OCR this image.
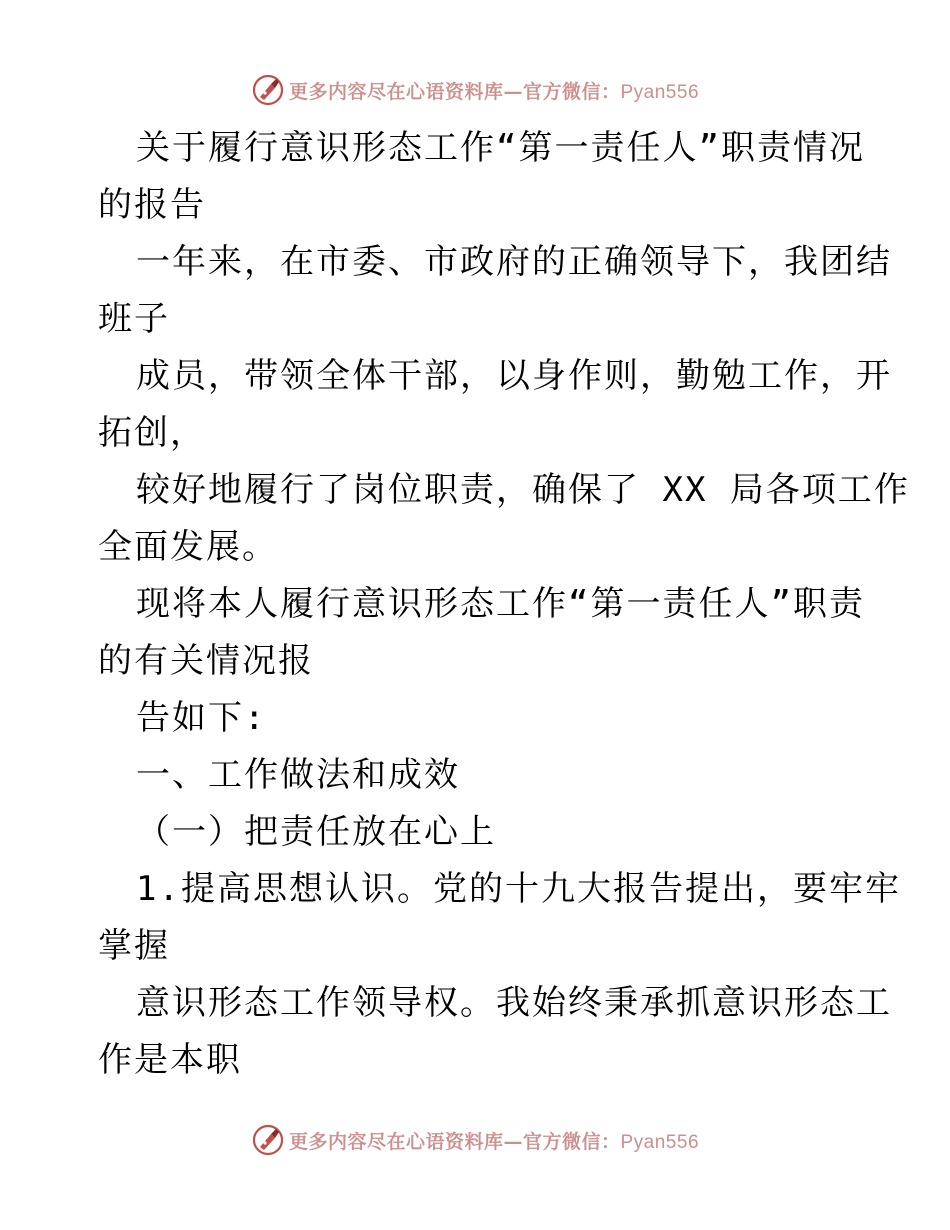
更多内容尽在心语资料库—官方微信：Pyan556
关于履行意识形态工作“第一责任人”职责情况
的报告
一年来，在市委、市政府的正确领导下，我团结
班子
成员，带领全体干部，以身作则，勤勉工作，开
拓创，
较好地履行了岗位职责，确保了 XX 局各项工作
全面发展。
现将本人履行意识形态工作“第一责任人”职责
的有关情况报
告如下:
一、工作做法和成效
（一）把责任放在心上
1.提高思想认识。党的十九大报告提出，要牢牢
掌握
意识形态工作领导权。我始终秉承抓意识形态工
作是本职
更多内容尽在心语资料库—官方微信：Pyan556
